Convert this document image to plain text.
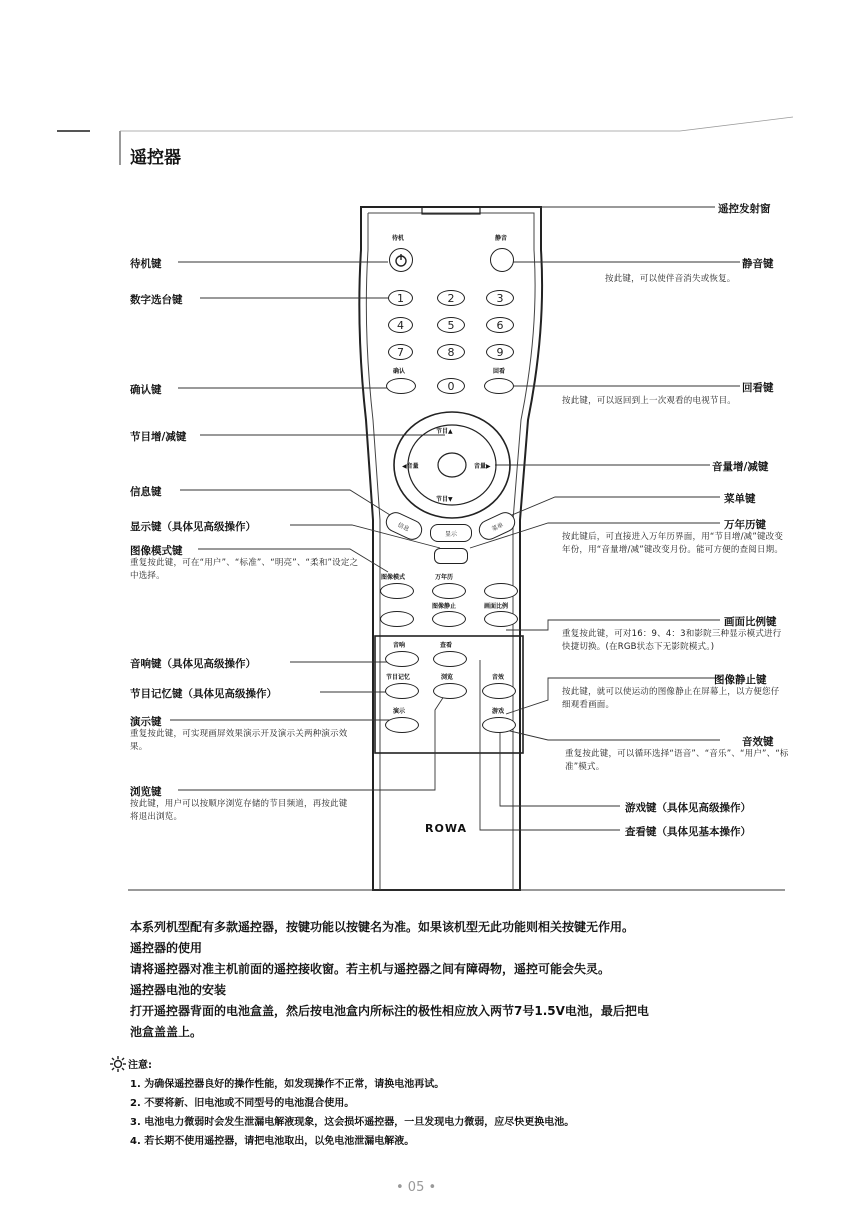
遥控器
待机	静音
1	2	3
4	5	6
7	8	9
确认
0
回看
节目▲
节目▼
◀音量	音量▶
信息
显示
菜单
图像模式	万年历
图像静止	画面比例
音响	查看
节目记忆	浏览	音效
演示	游戏
ROWA
待机键
数字选台键
确认键
节目增/减键
信息键
显示键（具体见高级操作）
图像模式键
重复按此键，可在“用户”、“标准”、“明亮”、“柔和”设定之中选择。
音响键（具体见高级操作）
节目记忆键（具体见高级操作）
演示键
重复按此键，可实现画屏效果演示开及演示关两种演示效果。
浏览键
按此键，用户可以按顺序浏览存储的节目频道，再按此键将退出浏览。
遥控发射窗
静音键
按此键，可以使伴音消失或恢复。
回看键
按此键，可以返回到上一次观看的电视节目。
音量增/减键
菜单键
万年历键
按此键后，可直接进入万年历界面，用“节目增/减”键改变年份，用“音量增/减”键改变月份。能可方便的查阅日期。
画面比例键
重复按此键，可对16：9、4：3和影院三种显示模式进行快捷切换。(在RGB状态下无影院模式。)
图像静止键
按此键，就可以使运动的图像静止在屏幕上，以方便您仔细观看画面。
音效键
重复按此键，可以循环选择“语音”、“音乐”、“用户”、“标准”模式。
游戏键（具体见高级操作）
查看键（具体见基本操作）
本系列机型配有多款遥控器，按键功能以按键名为准。如果该机型无此功能则相关按键无作用。
遥控器的使用
请将遥控器对准主机前面的遥控接收窗。若主机与遥控器之间有障碍物，遥控可能会失灵。
遥控器电池的安装
打开遥控器背面的电池盒盖，然后按电池盒内所标注的极性相应放入两节7号1.5V电池，最后把电
池盒盖盖上。
注意:
1. 为确保遥控器良好的操作性能，如发现操作不正常，请换电池再试。
2. 不要将新、旧电池或不同型号的电池混合使用。
3. 电池电力微弱时会发生泄漏电解液现象，这会损坏遥控器，一旦发现电力微弱，应尽快更换电池。
4. 若长期不使用遥控器，请把电池取出，以免电池泄漏电解液。
• 05 •
